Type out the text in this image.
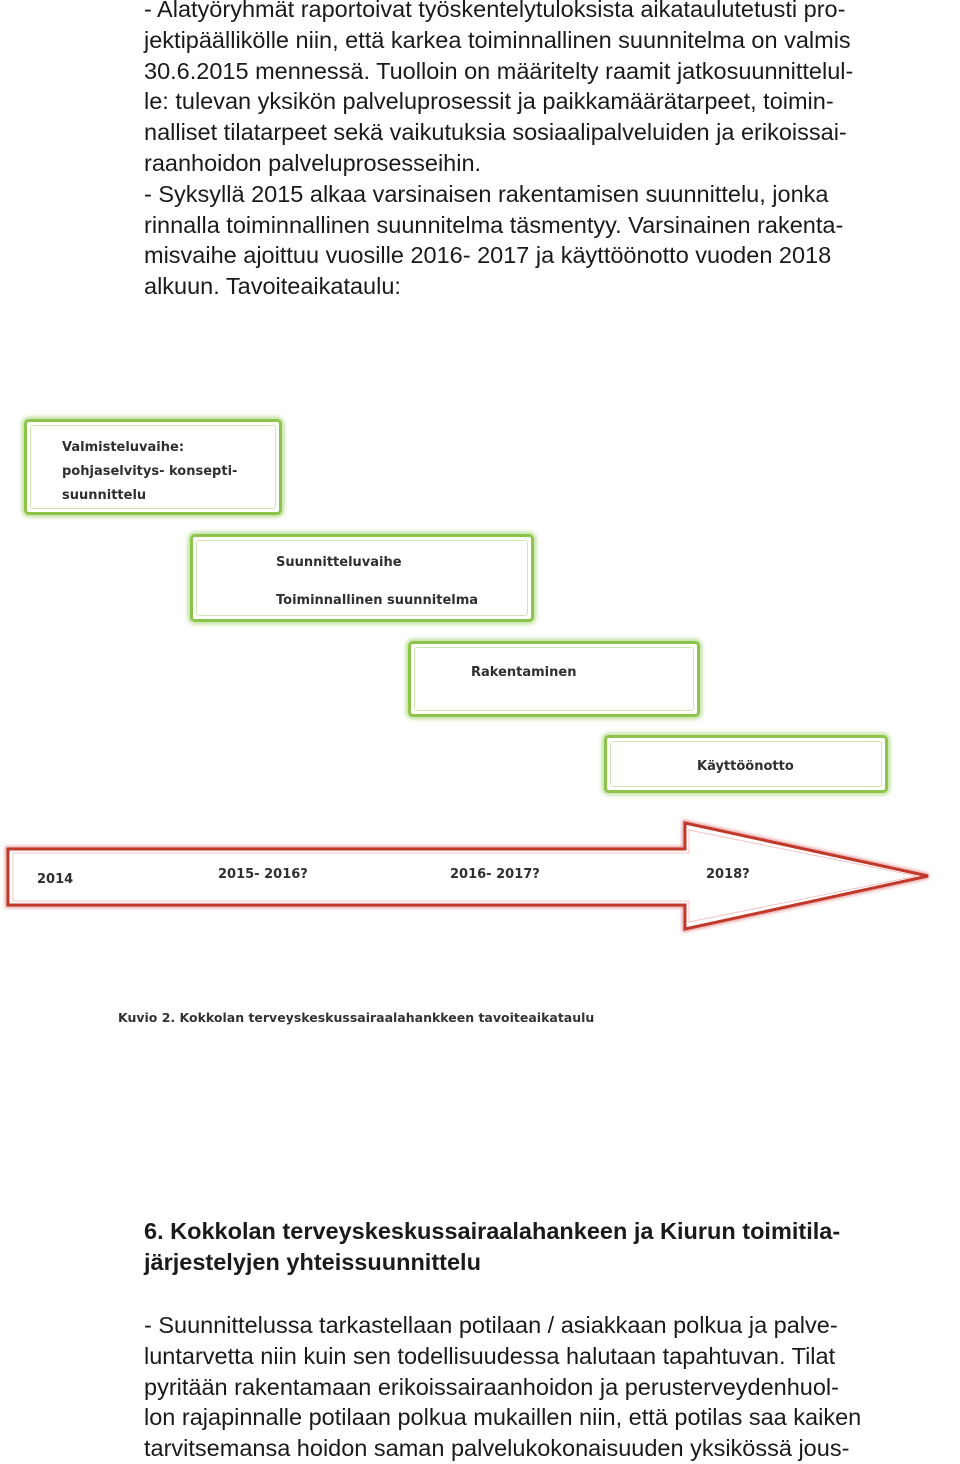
- Alatyöryhmät raportoivat työskentelytuloksista aikataulutetusti pro-
jektipäällikölle niin, että karkea toiminnallinen suunnitelma on valmis
30.6.2015 mennessä. Tuolloin on määritelty raamit jatkosuunnittelul-
le: tulevan yksikön palveluprosessit ja paikkamäärätarpeet, toimin-
nalliset tilatarpeet sekä vaikutuksia sosiaalipalveluiden ja erikoissai-
raanhoidon palveluprosesseihin.
- Syksyllä 2015 alkaa varsinaisen rakentamisen suunnittelu, jonka
rinnalla toiminnallinen suunnitelma täsmentyy. Varsinainen rakenta-
misvaihe ajoittuu vuosille 2016- 2017 ja käyttöönotto vuoden 2018
alkuun. Tavoiteaikataulu:
Valmisteluvaihe:
pohjaselvitys- konsepti-
suunnittelu
Suunnitteluvaihe
Toiminnallinen suunnitelma
Rakentaminen
Käyttöönotto
2014	2015- 2016?	2016- 2017?	2018?
Kuvio 2. Kokkolan terveyskeskussairaalahankkeen tavoiteaikataulu
6. Kokkolan terveyskeskussairaalahankeen ja Kiurun toimitila-
järjestelyjen yhteissuunnittelu
- Suunnittelussa tarkastellaan potilaan / asiakkaan polkua ja palve-
luntarvetta niin kuin sen todellisuudessa halutaan tapahtuvan. Tilat
pyritään rakentamaan erikoissairaanhoidon ja perusterveydenhuol-
lon rajapinnalle potilaan polkua mukaillen niin, että potilas saa kaiken
tarvitsemansa hoidon saman palvelukokonaisuuden yksikössä jous-
